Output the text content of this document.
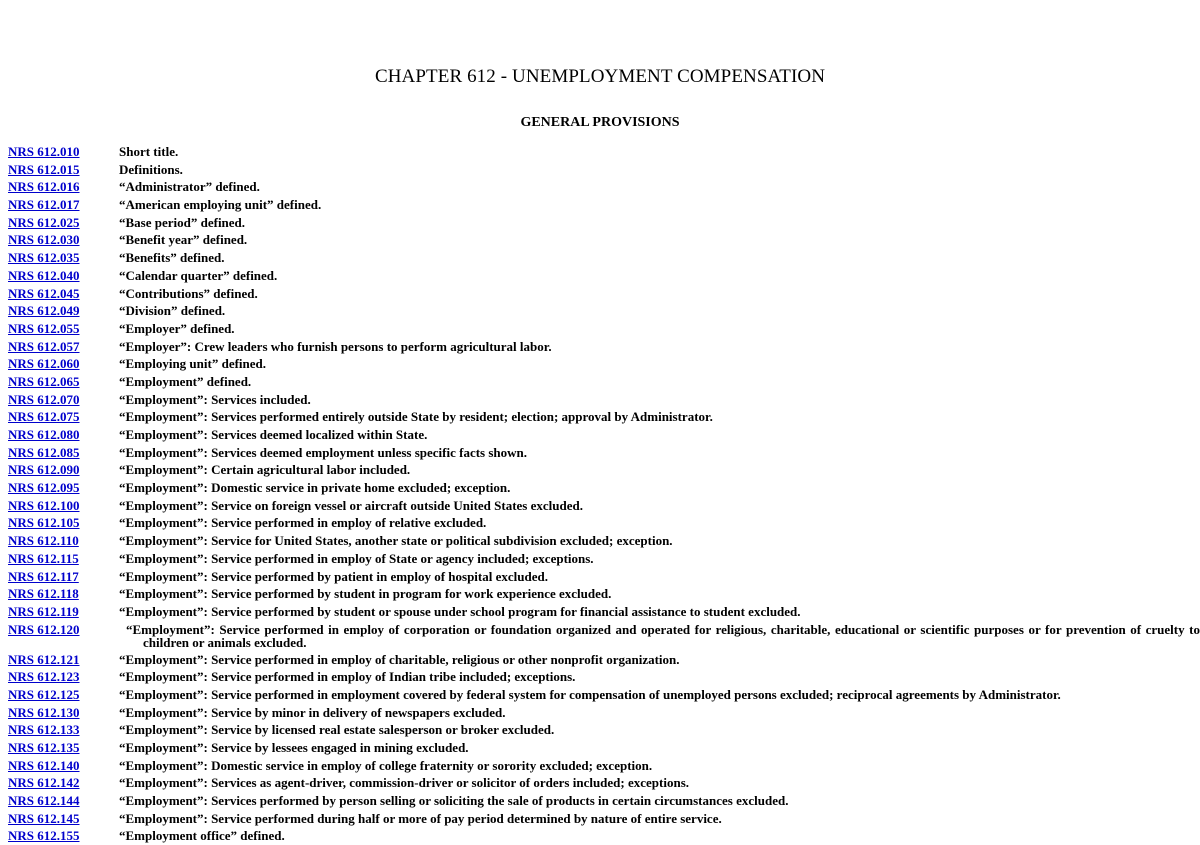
CHAPTER 612 - UNEMPLOYMENT COMPENSATION
GENERAL PROVISIONS
NRS 612.010	Short title.
NRS 612.015	Definitions.
NRS 612.016	“Administrator” defined.
NRS 612.017	“American employing unit” defined.
NRS 612.025	“Base period” defined.
NRS 612.030	“Benefit year” defined.
NRS 612.035	“Benefits” defined.
NRS 612.040	“Calendar quarter” defined.
NRS 612.045	“Contributions” defined.
NRS 612.049	“Division” defined.
NRS 612.055	“Employer” defined.
NRS 612.057	“Employer”: Crew leaders who furnish persons to perform agricultural labor.
NRS 612.060	“Employing unit” defined.
NRS 612.065	“Employment” defined.
NRS 612.070	“Employment”: Services included.
NRS 612.075	“Employment”: Services performed entirely outside State by resident; election; approval by Administrator.
NRS 612.080	“Employment”: Services deemed localized within State.
NRS 612.085	“Employment”: Services deemed employment unless specific facts shown.
NRS 612.090	“Employment”: Certain agricultural labor included.
NRS 612.095	“Employment”: Domestic service in private home excluded; exception.
NRS 612.100	“Employment”: Service on foreign vessel or aircraft outside United States excluded.
NRS 612.105	“Employment”: Service performed in employ of relative excluded.
NRS 612.110	“Employment”: Service for United States, another state or political subdivision excluded; exception.
NRS 612.115	“Employment”: Service performed in employ of State or agency included; exceptions.
NRS 612.117	“Employment”: Service performed by patient in employ of hospital excluded.
NRS 612.118	“Employment”: Service performed by student in program for work experience excluded.
NRS 612.119	“Employment”: Service performed by student or spouse under school program for financial assistance to student excluded.
NRS 612.120	“Employment”: Service performed in employ of corporation or foundation organized and operated for religious, charitable, educational or scientific purposes or for prevention of cruelty to children or animals excluded.
NRS 612.121	“Employment”: Service performed in employ of charitable, religious or other nonprofit organization.
NRS 612.123	“Employment”: Service performed in employ of Indian tribe included; exceptions.
NRS 612.125	“Employment”: Service performed in employment covered by federal system for compensation of unemployed persons excluded; reciprocal agreements by Administrator.
NRS 612.130	“Employment”: Service by minor in delivery of newspapers excluded.
NRS 612.133	“Employment”: Service by licensed real estate salesperson or broker excluded.
NRS 612.135	“Employment”: Service by lessees engaged in mining excluded.
NRS 612.140	“Employment”: Domestic service in employ of college fraternity or sorority excluded; exception.
NRS 612.142	“Employment”: Services as agent-driver, commission-driver or solicitor of orders included; exceptions.
NRS 612.144	“Employment”: Services performed by person selling or soliciting the sale of products in certain circumstances excluded.
NRS 612.145	“Employment”: Service performed during half or more of pay period determined by nature of entire service.
NRS 612.155	“Employment office” defined.
